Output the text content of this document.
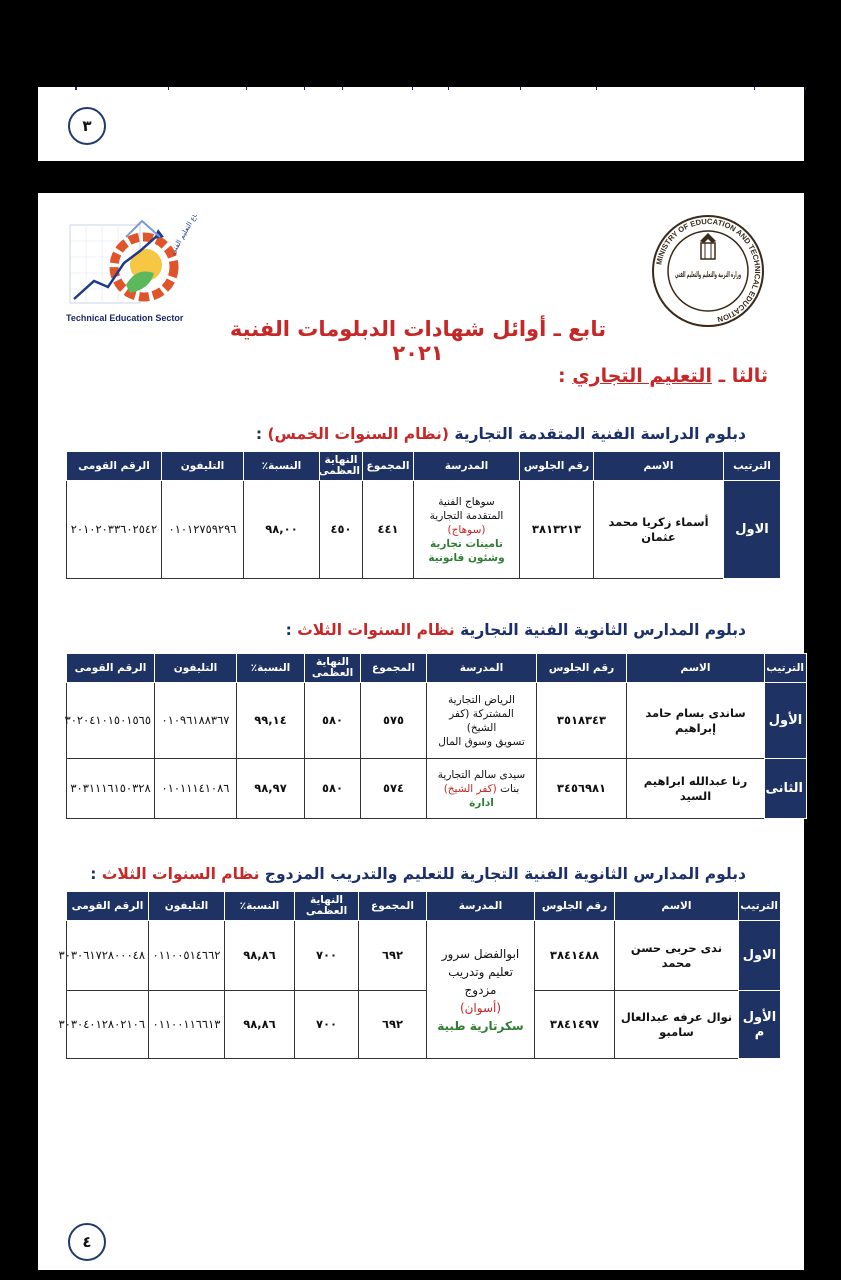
٣
قطاع التعليم الفني
Technical Education Sector
MINISTRY OF EDUCATION AND TECHNICAL EDUCATION
وزارة التربية والتعليم والتعليم الفني
تابع ـ أوائل شهادات الدبلومات الفنية ٢٠٢١
ثالثا ـ التعليم التجاري :
دبلوم الدراسة الفنية المتقدمة التجارية (نظام السنوات الخمس) :
الترتيب	الاسم	رقم الجلوس	المدرسة	المجموع	النهاية العظمى	النسبة٪	التليفون	الرقم القومى
الاول	أسماء زكريا محمد عثمان	٣٨١٣٢١٣	سوهاج الفنية
المتقدمة التجارية
(سوهاج)
تامينات تجارية وشئون قانونية	٤٤١	٤٥٠	٩٨,٠٠	٠١٠١٢٧٥٩٢٩٦	٢٠١٠٢٠٣٣٦٠٢٥٤٢
دبلوم المدارس الثانوية الفنية التجارية نظام السنوات الثلاث :
الترتيب	الاسم	رقم الجلوس	المدرسة	المجموع	النهاية العظمى	النسبة٪	التليفون	الرقم القومى
الأول	ساندى بسام حامد إبراهيم	٣٥١٨٣٤٣	الرياض التجارية
المشتركة (كفر
الشيخ)
تسويق وسوق المال	٥٧٥	٥٨٠	٩٩,١٤	٠١٠٩٦١٨٨٣٦٧	٣٠٢٠٤١٠١٥٠١٥٦٥
الثانى	رنا عبدالله ابراهيم السيد	٣٤٥٦٩٨١	سيدى سالم التجارية
بنات (كفر الشيخ)
ادارة	٥٧٤	٥٨٠	٩٨,٩٧	٠١٠١١١٤١٠٨٦	٣٠٣١١١٦١٥٠٣٢٨
دبلوم المدارس الثانوية الفنية التجارية للتعليم والتدريب المزدوج نظام السنوات الثلاث :
الترتيب	الاسم	رقم الجلوس	المدرسة	المجموع	النهاية العظمى	النسبة٪	التليفون	الرقم القومى
الاول	ندى حربى حسن محمد	٣٨٤١٤٨٨	ابوالفضل سرور
تعليم وتدريب
مزدوج
(أسوان)
سكرتارية طبية	٦٩٢	٧٠٠	٩٨,٨٦	٠١١٠٠٥١٤٦٦٢	٣٠٣٠٦١٧٢٨٠٠٠٤٨
الأول م	نوال عرفه عبدالعال سامبو	٣٨٤١٤٩٧		٦٩٢	٧٠٠	٩٨,٨٦	٠١١٠٠١١٦٦١٣	٣٠٣٠٤٠١٢٨٠٢١٠٦
٤
